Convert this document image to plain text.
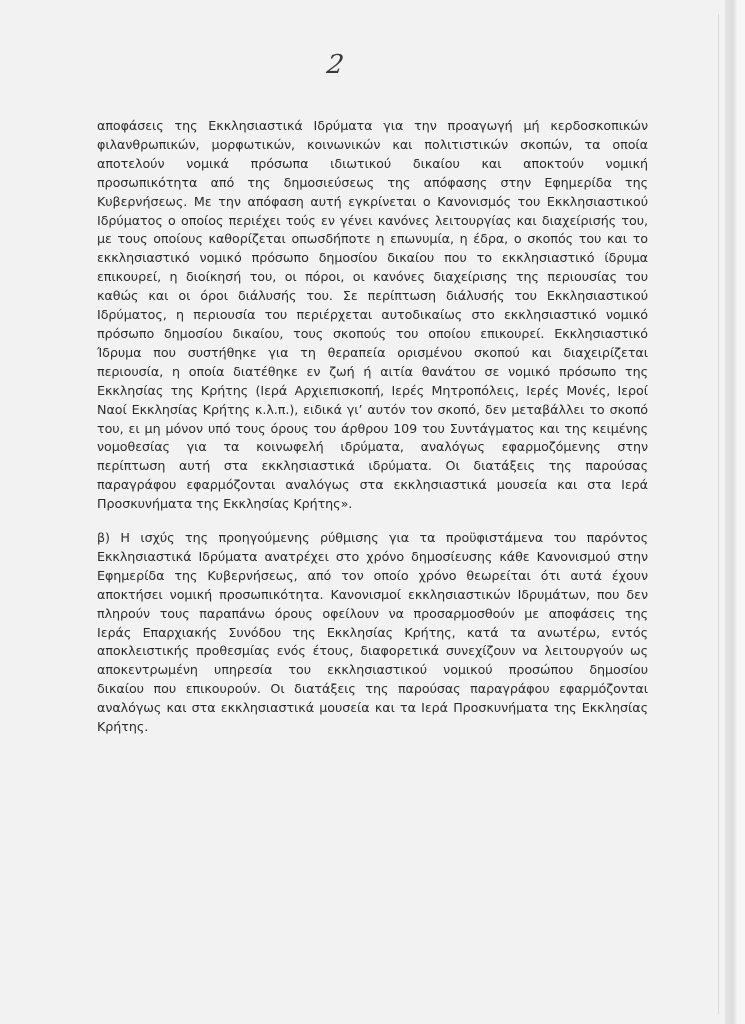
2

αποφάσεις της Εκκλησιαστικά Ιδρύματα για την προαγωγή μή κερδοσκοπικών
φιλανθρωπικών, μορφωτικών, κοινωνικών και πολιτιστικών σκοπών, τα οποία
αποτελούν νομικά πρόσωπα ιδιωτικού δικαίου και αποκτούν νομική
προσωπικότητα από της δημοσιεύσεως της απόφασης στην Εφημερίδα της
Κυβερνήσεως. Με την απόφαση αυτή εγκρίνεται ο Κανονισμός του Εκκλησιαστικού
Ιδρύματος ο οποίος περιέχει τούς εν γένει κανόνες λειτουργίας και διαχείρισής του,
με τους οποίους καθορίζεται οπωσδήποτε η επωνυμία, η έδρα, ο σκοπός του και το
εκκλησιαστικό νομικό πρόσωπο δημοσίου δικαίου που το εκκλησιαστικό ίδρυμα
επικουρεί, η διοίκησή του, οι πόροι, οι κανόνες διαχείρισης της περιουσίας του
καθώς και οι όροι διάλυσής του. Σε περίπτωση διάλυσής του Εκκλησιαστικού
Ιδρύματος, η περιουσία του περιέρχεται αυτοδικαίως στο εκκλησιαστικό νομικό
πρόσωπο δημοσίου δικαίου, τους σκοπούς του οποίου επικουρεί. Εκκλησιαστικό
Ίδρυμα που συστήθηκε για τη θεραπεία ορισμένου σκοπού και διαχειρίζεται
περιουσία, η οποία διατέθηκε εν ζωή ή αιτία θανάτου σε νομικό πρόσωπο της
Εκκλησίας της Κρήτης (Ιερά Αρχιεπισκοπή, Ιερές Μητροπόλεις, Ιερές Μονές, Ιεροί
Ναοί Εκκλησίας Κρήτης κ.λ.π.), ειδικά γι’ αυτόν τον σκοπό, δεν μεταβάλλει το σκοπό
του, ει μη μόνον υπό τους όρους του άρθρου 109 του Συντάγματος και της κειμένης
νομοθεσίας για τα κοινωφελή ιδρύματα, αναλόγως εφαρμοζόμενης στην
περίπτωση αυτή στα εκκλησιαστικά ιδρύματα. Οι διατάξεις της παρούσας
παραγράφου εφαρμόζονται αναλόγως στα εκκλησιαστικά μουσεία και στα Ιερά
Προσκυνήματα της Εκκλησίας Κρήτης».

β) Η ισχύς της προηγούμενης ρύθμισης για τα προϋφιστάμενα του παρόντος
Εκκλησιαστικά Ιδρύματα ανατρέχει στο χρόνο δημοσίευσης κάθε Κανονισμού στην
Εφημερίδα της Κυβερνήσεως, από τον οποίο χρόνο θεωρείται ότι αυτά έχουν
αποκτήσει νομική προσωπικότητα. Κανονισμοί εκκλησιαστικών Ιδρυμάτων, που δεν
πληρούν τους παραπάνω όρους οφείλουν να προσαρμοσθούν με αποφάσεις της
Ιεράς Επαρχιακής Συνόδου της Εκκλησίας Κρήτης, κατά τα ανωτέρω, εντός
αποκλειστικής προθεσμίας ενός έτους, διαφορετικά συνεχίζουν να λειτουργούν ως
αποκεντρωμένη υπηρεσία του εκκλησιαστικού νομικού προσώπου δημοσίου
δικαίου που επικουρούν. Οι διατάξεις της παρούσας παραγράφου εφαρμόζονται
αναλόγως και στα εκκλησιαστικά μουσεία και τα Ιερά Προσκυνήματα της Εκκλησίας
Κρήτης.
